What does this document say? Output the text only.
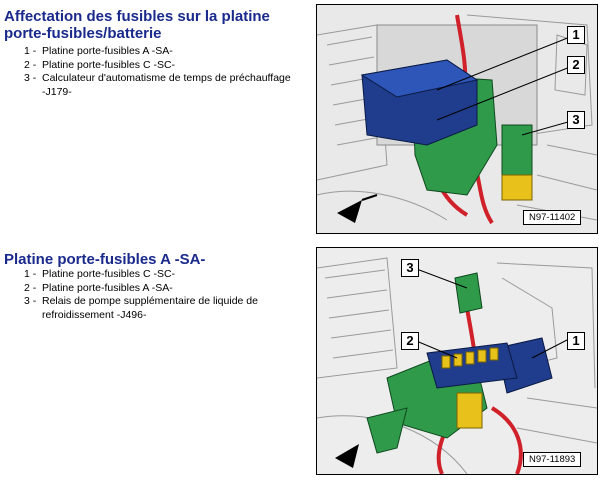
Affectation des fusibles sur la platine porte-fusibles/batterie
1 - Platine porte-fusibles A -SA-
2 - Platine porte-fusibles C -SC-
3 - Calculateur d'automatisme de temps de préchauffage -J179-
1
2
3
N97-11402
Platine porte-fusibles A -SA-
1 - Platine porte-fusibles C -SC-
2 - Platine porte-fusibles A -SA-
3 - Relais de pompe supplémentaire de liquide de refroidissement -J496-
3
2	1
N97-11893
